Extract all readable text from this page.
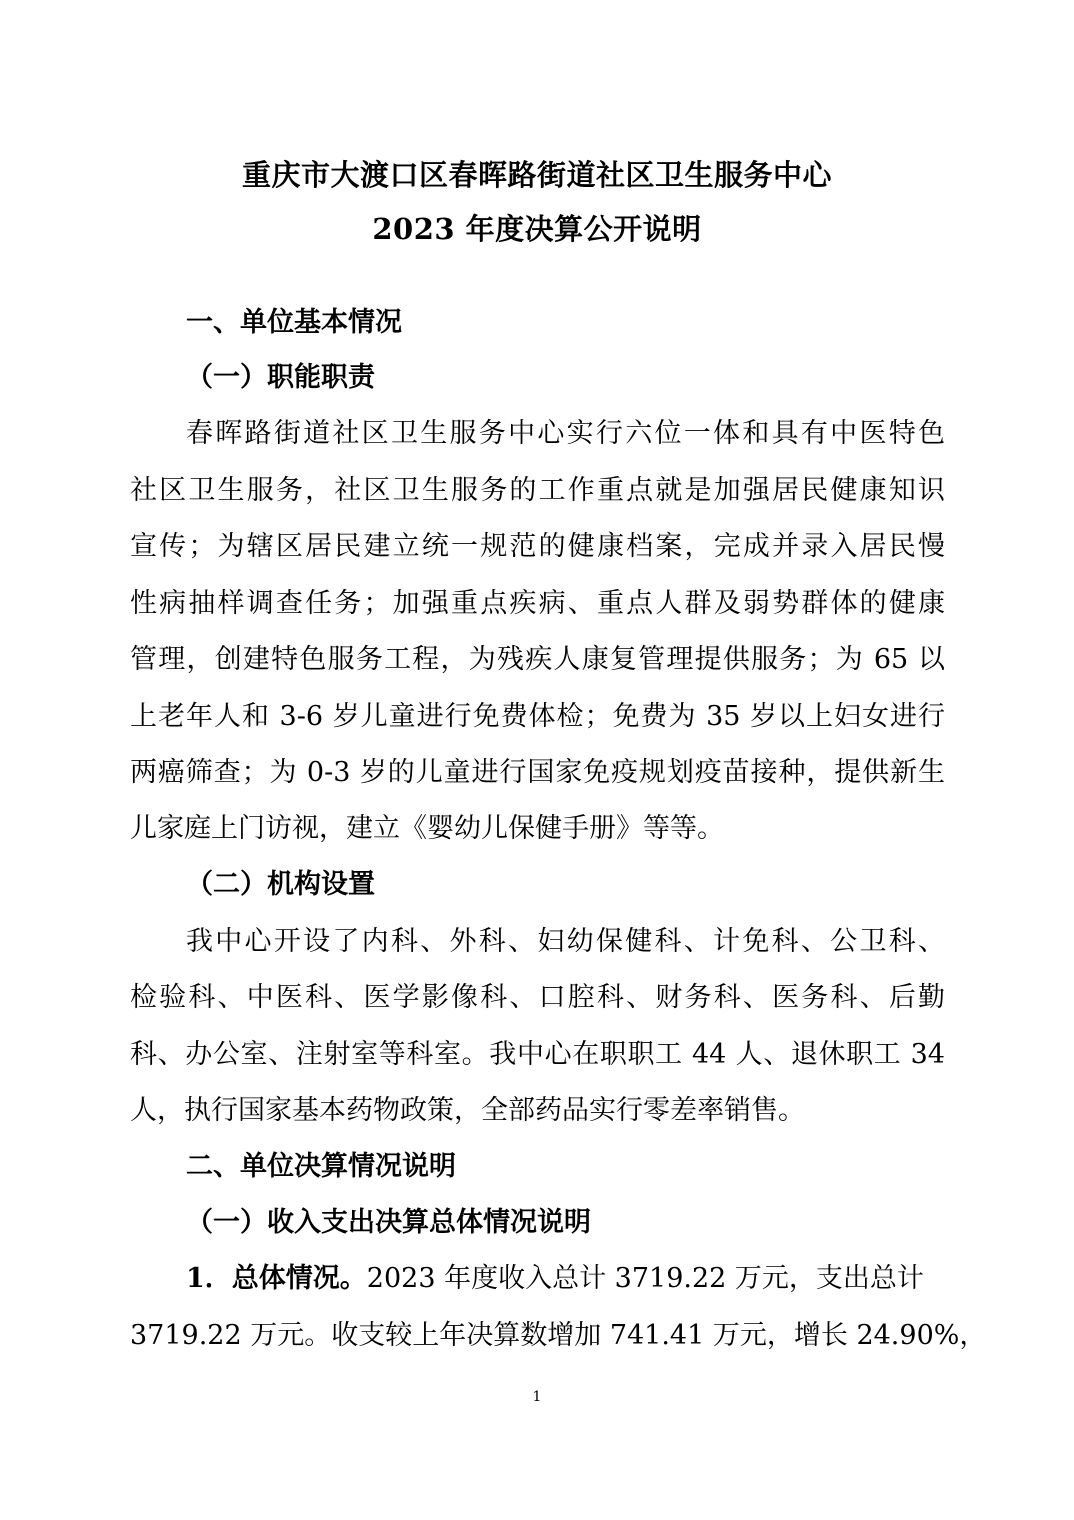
重庆市大渡口区春晖路街道社区卫生服务中心
2023 年度决算公开说明
一、单位基本情况
（一）职能职责
春晖路街道社区卫生服务中心实行六位一体和具有中医特色
社区卫生服务，社区卫生服务的工作重点就是加强居民健康知识
宣传；为辖区居民建立统一规范的健康档案，完成并录入居民慢
性病抽样调查任务；加强重点疾病、重点人群及弱势群体的健康
管理，创建特色服务工程，为残疾人康复管理提供服务；为 65 以
上老年人和 3-6 岁儿童进行免费体检；免费为 35 岁以上妇女进行
两癌筛查；为 0-3 岁的儿童进行国家免疫规划疫苗接种，提供新生
儿家庭上门访视，建立《婴幼儿保健手册》等等。
（二）机构设置
我中心开设了内科、外科、妇幼保健科、计免科、公卫科、
检验科、中医科、医学影像科、口腔科、财务科、医务科、后勤
科、办公室、注射室等科室。我中心在职职工 44 人、退休职工 34
人，执行国家基本药物政策，全部药品实行零差率销售。
二、单位决算情况说明
（一）收入支出决算总体情况说明
1．总体情况。2023 年度收入总计 3719.22 万元，支出总计
3719.22 万元。收支较上年决算数增加 741.41 万元，增长 24.90%，
1
